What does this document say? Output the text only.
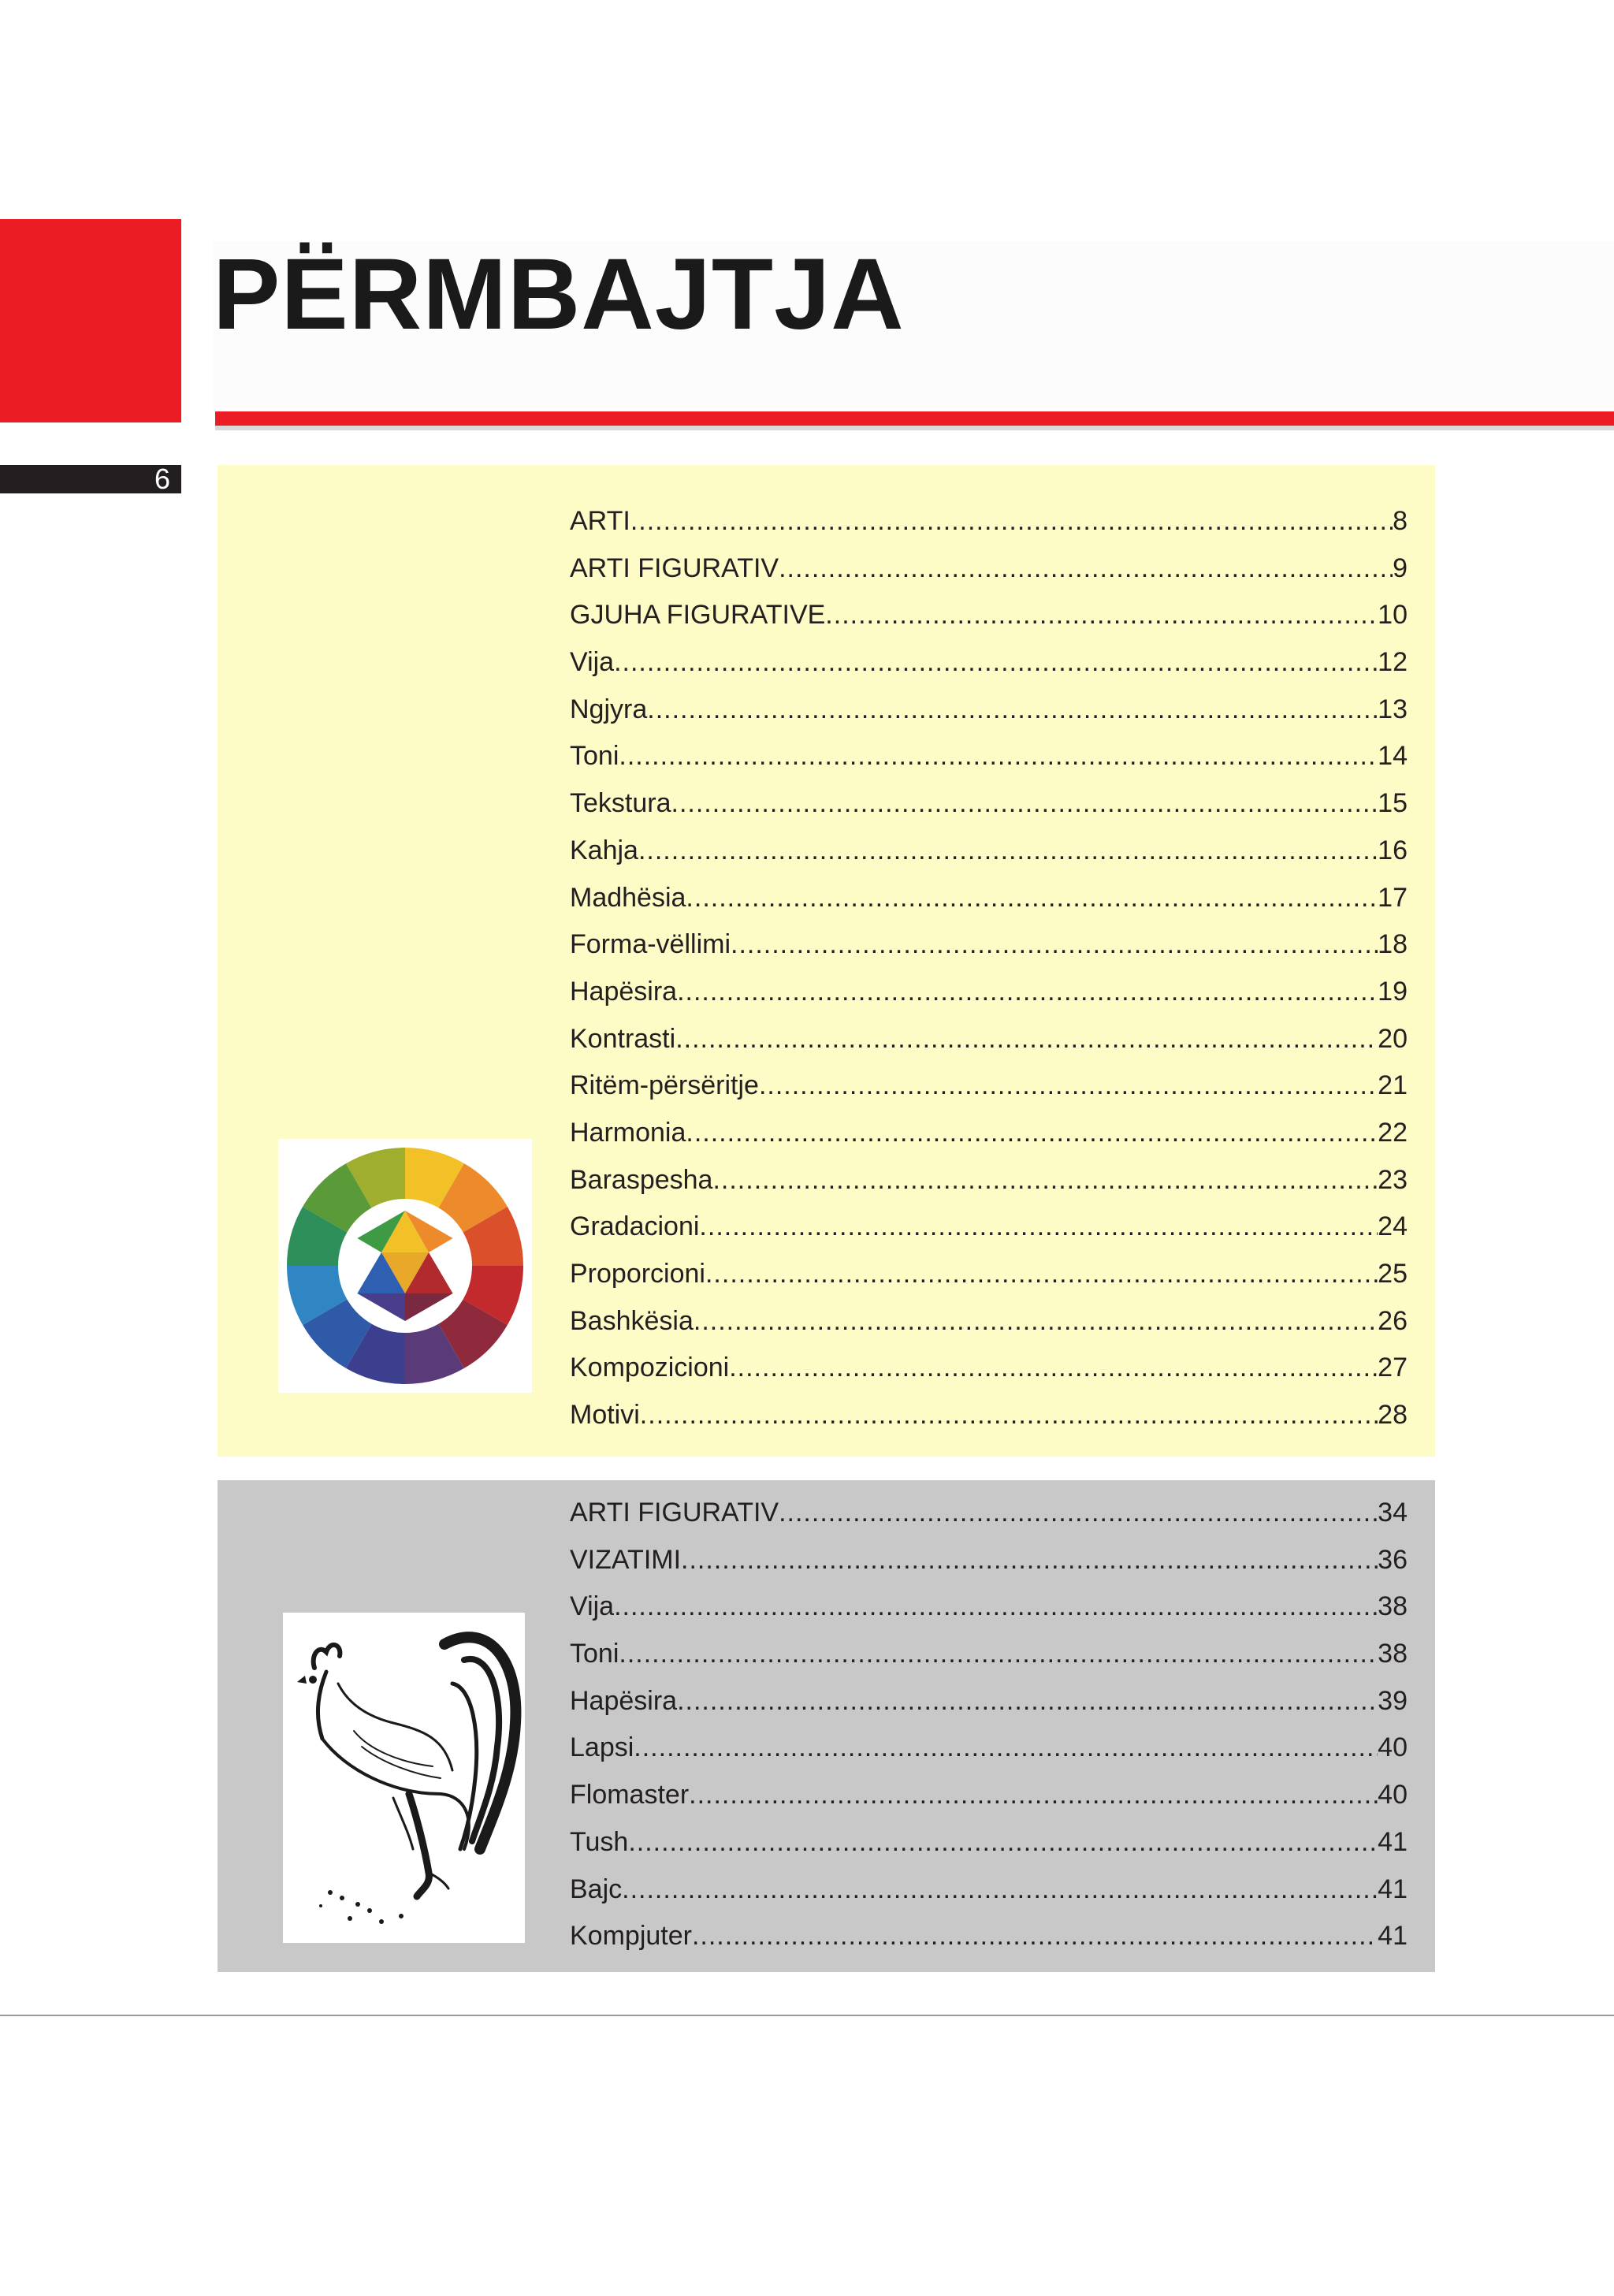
PËRMBAJTJA
6
ARTI .....	8
ARTI FIGURATIV .....	9
GJUHA FIGURATIVE .....	10
Vija .....	12
Ngjyra .....	13
Toni .....	14
Tekstura .....	15
Kahja .....	16
Madhësia .....	17
Forma-vëllimi .....	18
Hapësira .....	19
Kontrasti .....	20
Ritëm-përsëritje .....	21
Harmonia .....	22
Baraspesha .....	23
Gradacioni .....	24
Proporcioni .....	25
Bashkësia .....	26
Kompozicioni .....	27
Motivi .....	28
ARTI FIGURATIV .....	34
VIZATIMI .....	36
Vija .....	38
Toni .....	38
Hapësira .....	39
Lapsi .....	40
Flomaster .....	40
Tush .....	41
Bajc .....	41
Kompjuter .....	41
